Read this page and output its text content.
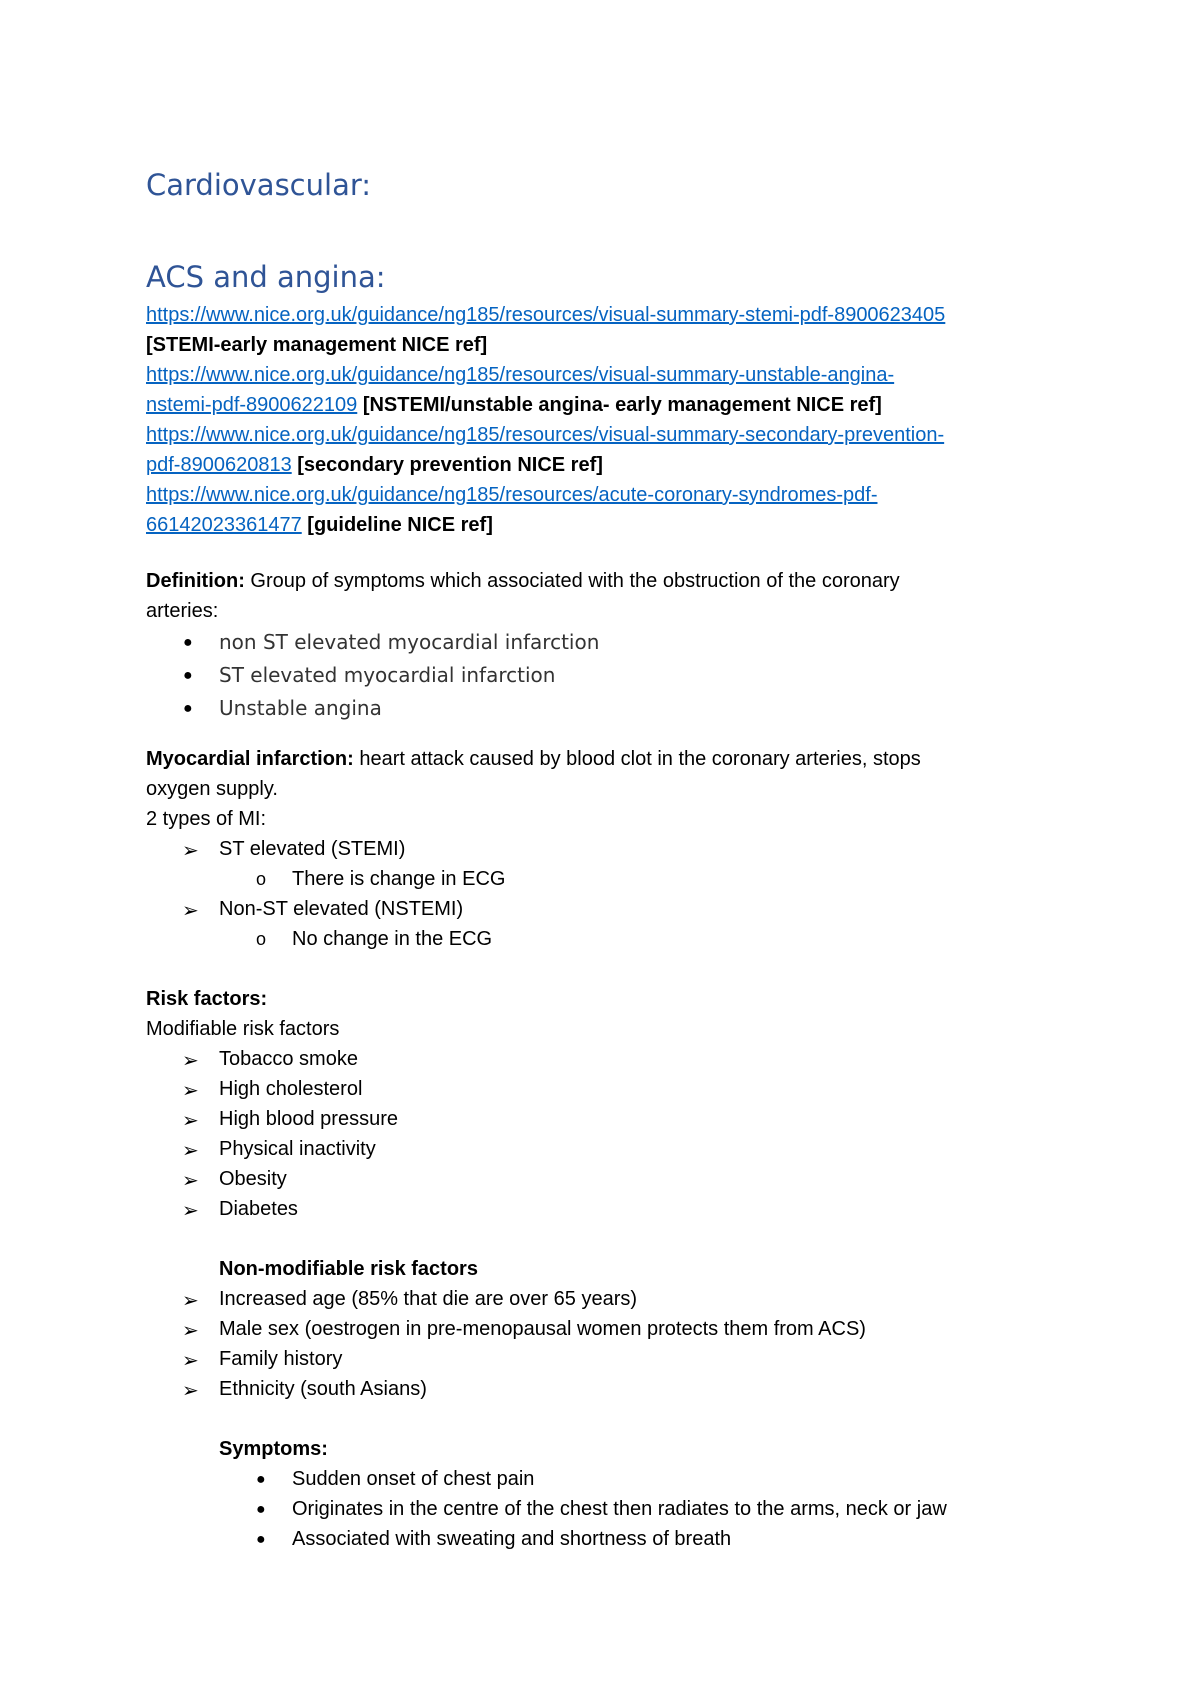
Cardiovascular:
ACS and angina:
https://www.nice.org.uk/guidance/ng185/resources/visual-summary-stemi-pdf-8900623405
[STEMI-early management NICE ref]
https://www.nice.org.uk/guidance/ng185/resources/visual-summary-unstable-angina-
nstemi-pdf-8900622109 [NSTEMI/unstable angina- early management NICE ref]
https://www.nice.org.uk/guidance/ng185/resources/visual-summary-secondary-prevention-
pdf-8900620813 [secondary prevention NICE ref]
https://www.nice.org.uk/guidance/ng185/resources/acute-coronary-syndromes-pdf-
66142023361477 [guideline NICE ref]
Definition: Group of symptoms which associated with the obstruction of the coronary
arteries:
● non ST elevated myocardial infarction
● ST elevated myocardial infarction
● Unstable angina
Myocardial infarction: heart attack caused by blood clot in the coronary arteries, stops
oxygen supply.
2 types of MI:
➢ ST elevated (STEMI)
o There is change in ECG
➢ Non-ST elevated (NSTEMI)
o No change in the ECG
Risk factors:
Modifiable risk factors
➢ Tobacco smoke
➢ High cholesterol
➢ High blood pressure
➢ Physical inactivity
➢ Obesity
➢ Diabetes
Non-modifiable risk factors
➢ Increased age (85% that die are over 65 years)
➢ Male sex (oestrogen in pre-menopausal women protects them from ACS)
➢ Family history
➢ Ethnicity (south Asians)
Symptoms:
● Sudden onset of chest pain
● Originates in the centre of the chest then radiates to the arms, neck or jaw
● Associated with sweating and shortness of breath
